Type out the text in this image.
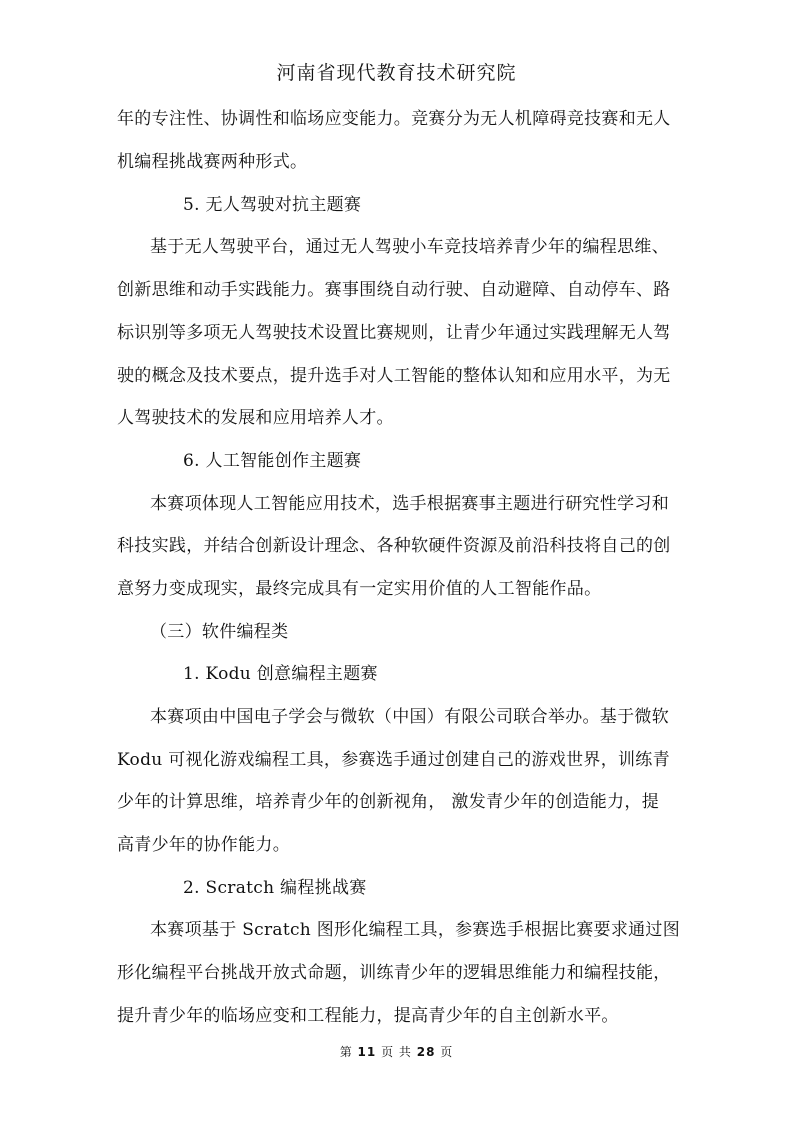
河南省现代教育技术研究院
年的专注性、协调性和临场应变能力。竞赛分为无人机障碍竞技赛和无人
机编程挑战赛两种形式。
5. 无人驾驶对抗主题赛
基于无人驾驶平台，通过无人驾驶小车竞技培养青少年的编程思维、
创新思维和动手实践能力。赛事围绕自动行驶、自动避障、自动停车、路
标识别等多项无人驾驶技术设置比赛规则，让青少年通过实践理解无人驾
驶的概念及技术要点，提升选手对人工智能的整体认知和应用水平，为无
人驾驶技术的发展和应用培养人才。
6. 人工智能创作主题赛
本赛项体现人工智能应用技术，选手根据赛事主题进行研究性学习和
科技实践，并结合创新设计理念、各种软硬件资源及前沿科技将自己的创
意努力变成现实，最终完成具有一定实用价值的人工智能作品。
（三）软件编程类
1. Kodu 创意编程主题赛
本赛项由中国电子学会与微软（中国）有限公司联合举办。基于微软
Kodu 可视化游戏编程工具，参赛选手通过创建自己的游戏世界，训练青
少年的计算思维，培养青少年的创新视角， 激发青少年的创造能力，提
高青少年的协作能力。
2. Scratch 编程挑战赛
本赛项基于 Scratch 图形化编程工具，参赛选手根据比赛要求通过图
形化编程平台挑战开放式命题，训练青少年的逻辑思维能力和编程技能，
提升青少年的临场应变和工程能力，提高青少年的自主创新水平。
第 11 页 共 28 页
